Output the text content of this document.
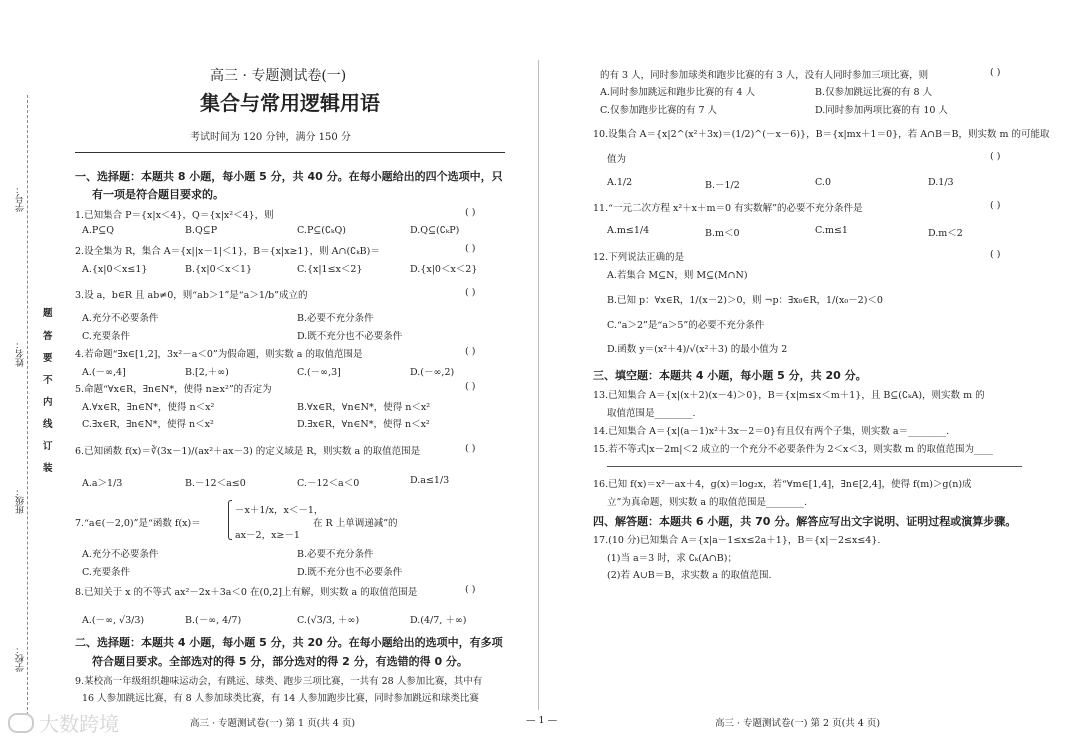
学号：
姓名：
班级：
学校：
题
答
要
不
内
线
订
装
高三 · 专题测试卷(一)
集合与常用逻辑用语
考试时间为 120 分钟，满分 150 分
一、选择题：本题共 8 小题，每小题 5 分，共 40 分。在每小题给出的四个选项中，只
有一项是符合题目要求的。
1.已知集合 P＝{x|x＜4}，Q＝{x|x²＜4}，则	( )
A.P⊆Q	B.Q⊆P	C.P⊆(∁ₖQ)	D.Q⊆(∁ₖP)
2.设全集为 R，集合 A＝{x||x－1|＜1}，B＝{x|x≥1}，则 A∩(∁ₖB)＝	( )
A.{x|0＜x≤1}	B.{x|0＜x＜1}	C.{x|1≤x＜2}	D.{x|0＜x＜2}
3.设 a，b∈R 且 ab≠0，则“ab＞1”是“a＞1/b”成立的	( )
A.充分不必要条件	B.必要不充分条件
C.充要条件	D.既不充分也不必要条件
4.若命题“∃x∈[1,2]，3x²－a＜0”为假命题，则实数 a 的取值范围是	( )
A.(－∞,4]	B.[2,＋∞)	C.(－∞,3]	D.(－∞,2)
5.命题“∀x∈R，∃n∈N*，使得 n≥x²”的否定为	( )
A.∀x∈R，∃n∈N*，使得 n＜x²	B.∀x∈R，∀n∈N*，使得 n＜x²
C.∃x∈R，∃n∈N*，使得 n＜x²	D.∃x∈R，∀n∈N*，使得 n＜x²
6.已知函数 f(x)＝∛(3x－1)/(ax²＋ax－3) 的定义域是 R，则实数 a 的取值范围是	( )
A.a＞1/3	B.－12＜a≤0	C.－12＜a＜0	D.a≤1/3
7.“a∈(－2,0)”是“函数 f(x)＝
－x＋1/x，x＜－1，
ax－2，x≥－1
在 R 上单调递减”的
A.充分不必要条件	B.必要不充分条件
C.充要条件	D.既不充分也不必要条件
8.已知关于 x 的不等式 ax²－2x＋3a＜0 在(0,2]上有解，则实数 a 的取值范围是	( )
A.(－∞, √3/3)	B.(－∞, 4/7)	C.(√3/3, ＋∞)	D.(4/7, ＋∞)
二、选择题：本题共 4 小题，每小题 5 分，共 20 分。在每小题给出的选项中，有多项
符合题目要求。全部选对的得 5 分，部分选对的得 2 分，有选错的得 0 分。
9.某校高一年级组织趣味运动会，有跳远、球类、跑步三项比赛，一共有 28 人参加比赛，其中有
16 人参加跳远比赛，有 8 人参加球类比赛，有 14 人参加跑步比赛，同时参加跳远和球类比赛
的有 3 人，同时参加球类和跑步比赛的有 3 人，没有人同时参加三项比赛，则	( )
A.同时参加跳远和跑步比赛的有 4 人	B.仅参加跳远比赛的有 8 人
C.仅参加跑步比赛的有 7 人	D.同时参加两项比赛的有 10 人
10.设集合 A＝{x|2^(x²＋3x)＝(1/2)^(－x－6)}，B＝{x|mx＋1＝0}，若 A∩B＝B，则实数 m 的可能取
值为	( )
A.1/2	B.－1/2	C.0	D.1/3
11.“一元二次方程 x²＋x＋m＝0 有实数解”的必要不充分条件是	( )
A.m≤1/4	B.m＜0	C.m≤1	D.m＜2
12.下列说法正确的是	( )
A.若集合 M⊆N，则 M⊆(M∩N)
B.已知 p：∀x∈R，1/(x－2)＞0，则 ¬p：∃x₀∈R，1/(x₀－2)＜0
C.“a＞2”是“a＞5”的必要不充分条件
D.函数 y＝(x²＋4)/√(x²＋3) 的最小值为 2
三、填空题：本题共 4 小题，每小题 5 分，共 20 分。
13.已知集合 A＝{x|(x＋2)(x－4)＞0}，B＝{x|m≤x＜m＋1}，且 B⊆(∁ₖA)，则实数 m 的
取值范围是________.
14.已知集合 A＝{x|(a－1)x²＋3x－2＝0}有且仅有两个子集，则实数 a＝________.
15.若不等式|x－2m|＜2 成立的一个充分不必要条件为 2＜x＜3，则实数 m 的取值范围为____
16.已知 f(x)＝x²－ax＋4，g(x)＝log₂x，若“∀m∈[1,4]，∃n∈[2,4]，使得 f(m)＞g(n)成
立”为真命题，则实数 a 的取值范围是________.
四、解答题：本题共 6 小题，共 70 分。解答应写出文字说明、证明过程或演算步骤。
17.(10 分)已知集合 A＝{x|a－1≤x≤2a＋1}，B＝{x|－2≤x≤4}.
(1)当 a＝3 时，求 ∁ₖ(A∩B)；
(2)若 A∪B＝B，求实数 a 的取值范围.
高三 · 专题测试卷(一) 第 1 页(共 4 页)	— 1 —	高三 · 专题测试卷(一) 第 2 页(共 4 页)
大数跨境
